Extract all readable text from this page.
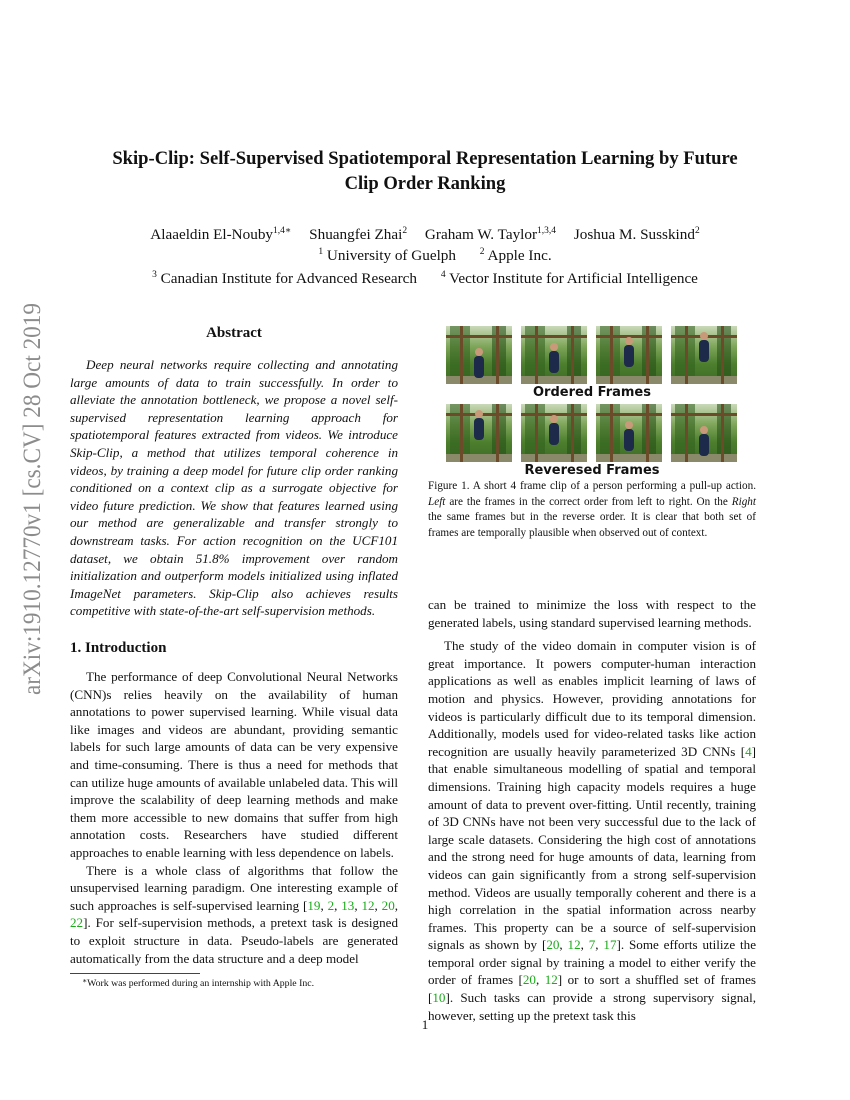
arXiv:1910.12770v1 [cs.CV] 28 Oct 2019
Skip-Clip: Self-Supervised Spatiotemporal Representation Learning by Future
Clip Order Ranking
Alaaeldin El-Nouby$^{1,4∗}$ Shuangfei Zhai$^2$ Graham W. Taylor$^{1,3,4}$ Joshua M. Susskind$^2$
$^1$ University of Guelph	$^2$ Apple Inc.
$^3$ Canadian Institute for Advanced Research	$^4$ Vector Institute for Artificial Intelligence
Abstract

Deep neural networks require collecting and annotating large amounts of data to train successfully. In order to alleviate the annotation bottleneck, we propose a novel self-supervised representation learning approach for spatiotemporal features extracted from videos. We introduce Skip-Clip, a method that utilizes temporal coherence in videos, by training a deep model for future clip order ranking conditioned on a context clip as a surrogate objective for video future prediction. We show that features learned using our method are generalizable and transfer strongly to downstream tasks. For action recognition on the UCF101 dataset, we obtain 51.8% improvement over random initialization and outperform models initialized using inflated ImageNet parameters. Skip-Clip also achieves results competitive with state-of-the-art self-supervision methods.

1. Introduction

The performance of deep Convolutional Neural Networks (CNN)s relies heavily on the availability of human annotations to power supervised learning. While visual data like images and videos are abundant, providing semantic labels for such large amounts of data can be very expensive and time-consuming. There is thus a need for methods that can utilize huge amounts of available unlabeled data. This will improve the scalability of deep learning methods and make them more accessible to new domains that suffer from high annotation costs. Researchers have studied different approaches to enable learning with less dependence on labels.

There is a whole class of algorithms that follow the unsupervised learning paradigm. One interesting example of such approaches is self-supervised learning [19, 2, 13, 12, 20, 22]. For self-supervision methods, a pretext task is designed to exploit structure in data. Pseudo-labels are generated automatically from the data structure and a deep model

∗Work was performed during an internship with Apple Inc.
Ordered Frames
Reveresed Frames
Figure 1. A short 4 frame clip of a person performing a pull-up action. Left are the frames in the correct order from left to right. On the Right the same frames but in the reverse order. It is clear that both set of frames are temporally plausible when observed out of context.

can be trained to minimize the loss with respect to the generated labels, using standard supervised learning methods.

The study of the video domain in computer vision is of great importance. It powers computer-human interaction applications as well as enables implicit learning of laws of motion and physics. However, providing annotations for videos is particularly difficult due to its temporal dimension. Additionally, models used for video-related tasks like action recognition are usually heavily parameterized 3D CNNs [4] that enable simultaneous modelling of spatial and temporal dimensions. Training high capacity models requires a huge amount of data to prevent over-fitting. Until recently, training of 3D CNNs have not been very successful due to the lack of large scale datasets. Considering the high cost of annotations and the strong need for huge amounts of data, learning from videos can gain significantly from a strong self-supervision method. Videos are usually temporally coherent and there is a high correlation in the spatial information across nearby frames. This property can be a source of self-supervision signals as shown by [20, 12, 7, 17]. Some efforts utilize the temporal order signal by training a model to either verify the order of frames [20, 12] or to sort a shuffled set of frames [10]. Such tasks can provide a strong supervisory signal, however, setting up the pretext task this

1
